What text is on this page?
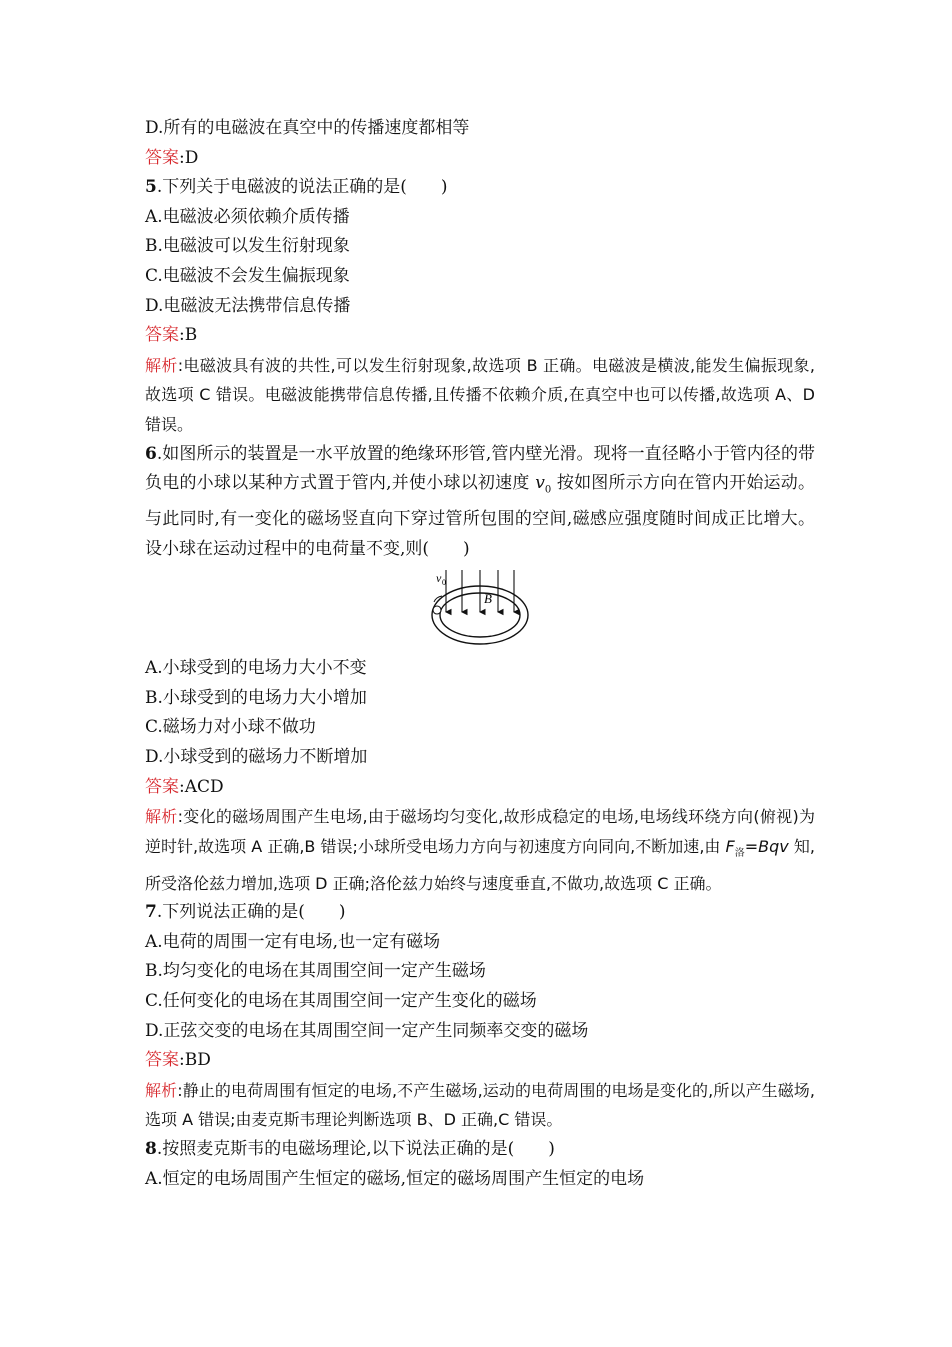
D.所有的电磁波在真空中的传播速度都相等
答案:D
5.下列关于电磁波的说法正确的是(　　)
A.电磁波必须依赖介质传播
B.电磁波可以发生衍射现象
C.电磁波不会发生偏振现象
D.电磁波无法携带信息传播
答案:B
解析:电磁波具有波的共性,可以发生衍射现象,故选项 B 正确。电磁波是横波,能发生偏振现象,故选项 C 错误。电磁波能携带信息传播,且传播不依赖介质,在真空中也可以传播,故选项 A、D 错误。
6.如图所示的装置是一水平放置的绝缘环形管,管内壁光滑。现将一直径略小于管内径的带负电的小球以某种方式置于管内,并使小球以初速度 $v_0$ 按如图所示方向在管内开始运动。与此同时,有一变化的磁场竖直向下穿过管所包围的空间,磁感应强度随时间成正比增大。设小球在运动过程中的电荷量不变,则(　　)
v 0
B
A.小球受到的电场力大小不变
B.小球受到的电场力大小增加
C.磁场力对小球不做功
D.小球受到的磁场力不断增加
答案:ACD
解析:变化的磁场周围产生电场,由于磁场均匀变化,故形成稳定的电场,电场线环绕方向(俯视)为逆时针,故选项 A 正确,B 错误;小球所受电场力方向与初速度方向同向,不断加速,由 $F_洛=Bqv$ 知,所受洛伦兹力增加,选项 D 正确;洛伦兹力始终与速度垂直,不做功,故选项 C 正确。
7.下列说法正确的是(　　)
A.电荷的周围一定有电场,也一定有磁场
B.均匀变化的电场在其周围空间一定产生磁场
C.任何变化的电场在其周围空间一定产生变化的磁场
D.正弦交变的电场在其周围空间一定产生同频率交变的磁场
答案:BD
解析:静止的电荷周围有恒定的电场,不产生磁场,运动的电荷周围的电场是变化的,所以产生磁场,选项 A 错误;由麦克斯韦理论判断选项 B、D 正确,C 错误。
8.按照麦克斯韦的电磁场理论,以下说法正确的是(　　)
A.恒定的电场周围产生恒定的磁场,恒定的磁场周围产生恒定的电场
